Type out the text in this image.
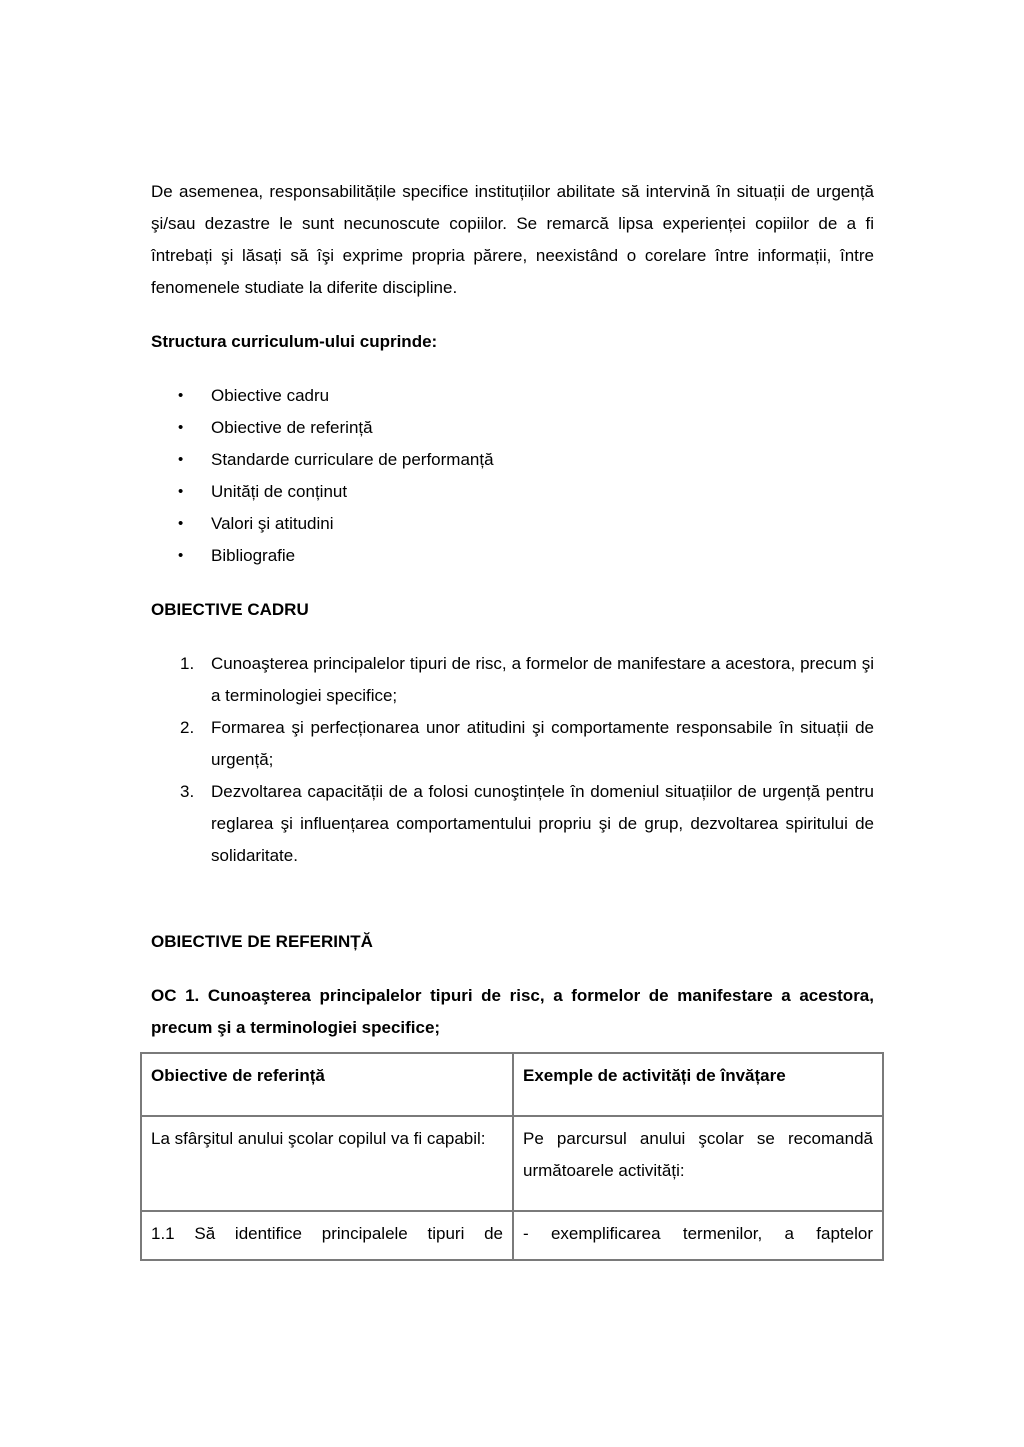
De asemenea, responsabilitățile specifice instituțiilor abilitate să intervină în situații de urgență şi/sau dezastre le sunt necunoscute copiilor. Se remarcă lipsa experienței copiilor de a fi întrebați şi lăsați să îşi exprime propria părere, neexistând o corelare între informații, între fenomenele studiate la diferite discipline.

Structura curriculum-ului cuprinde:

• Obiective cadru
• Obiective de referință
• Standarde curriculare de performanță
• Unități de conținut
• Valori şi atitudini
• Bibliografie

OBIECTIVE CADRU

1. Cunoaşterea principalelor tipuri de risc, a formelor de manifestare a acestora, precum şi a terminologiei specifice;
2. Formarea şi perfecționarea unor atitudini şi comportamente responsabile în situații de urgență;
3. Dezvoltarea capacității de a folosi cunoştințele în domeniul situațiilor de urgență pentru reglarea şi influențarea comportamentului propriu şi de grup, dezvoltarea spiritului de solidaritate.

OBIECTIVE DE REFERINȚĂ

OC 1. Cunoaşterea principalelor tipuri de risc, a formelor de manifestare a acestora, precum şi a terminologiei specifice;

Obiective de referință	Exemple de activități de învățare
La sfârşitul anului şcolar copilul va fi capabil:	Pe parcursul anului şcolar se recomandă următoarele activități:

1.1 Să identifice principalele tipuri de	- exemplificarea termenilor, a faptelor
